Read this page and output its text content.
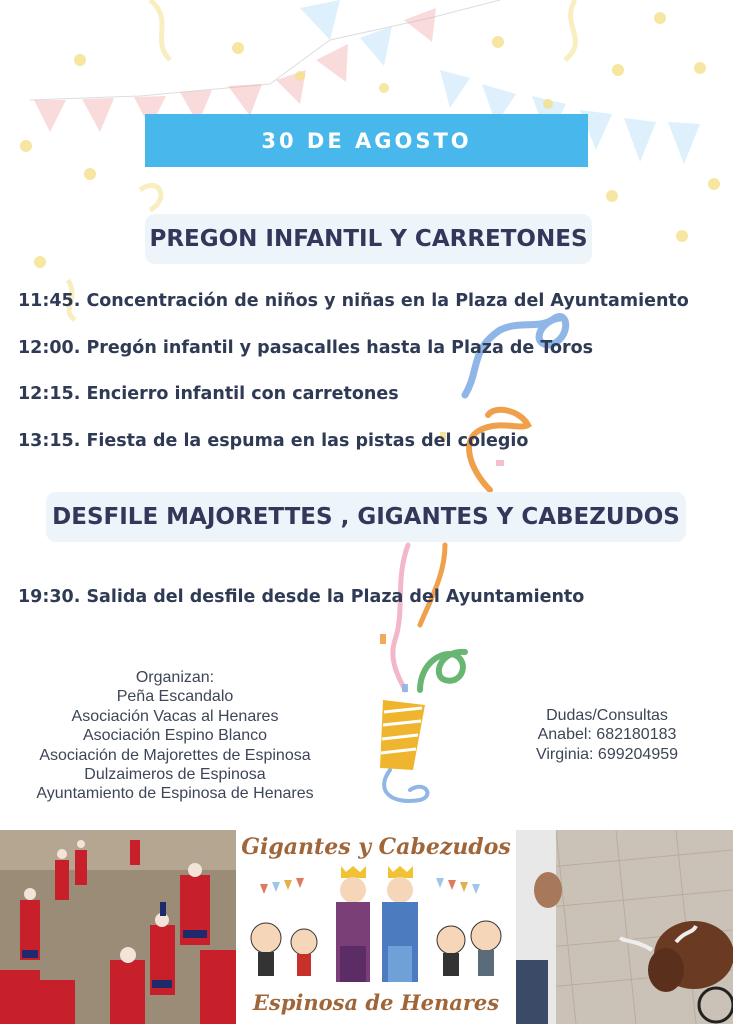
30 DE AGOSTO
PREGON INFANTIL Y CARRETONES
11:45. Concentración de niños y niñas en la Plaza del Ayuntamiento
12:00. Pregón infantil y pasacalles hasta la Plaza de Toros
12:15. Encierro infantil con carretones
13:15. Fiesta de la espuma en las pistas del colegio
DESFILE MAJORETTES , GIGANTES Y CABEZUDOS
19:30. Salida del desfile desde la Plaza del Ayuntamiento
Organizan:
Peña Escandalo
Asociación Vacas al Henares
Asociación Espino Blanco
Asociación de Majorettes de Espinosa
Dulzaimeros de Espinosa
Ayuntamiento de Espinosa de Henares
Dudas/Consultas
Anabel: 682180183
Virginia: 699204959
Gigantes y Cabezudos
Espinosa de Henares
